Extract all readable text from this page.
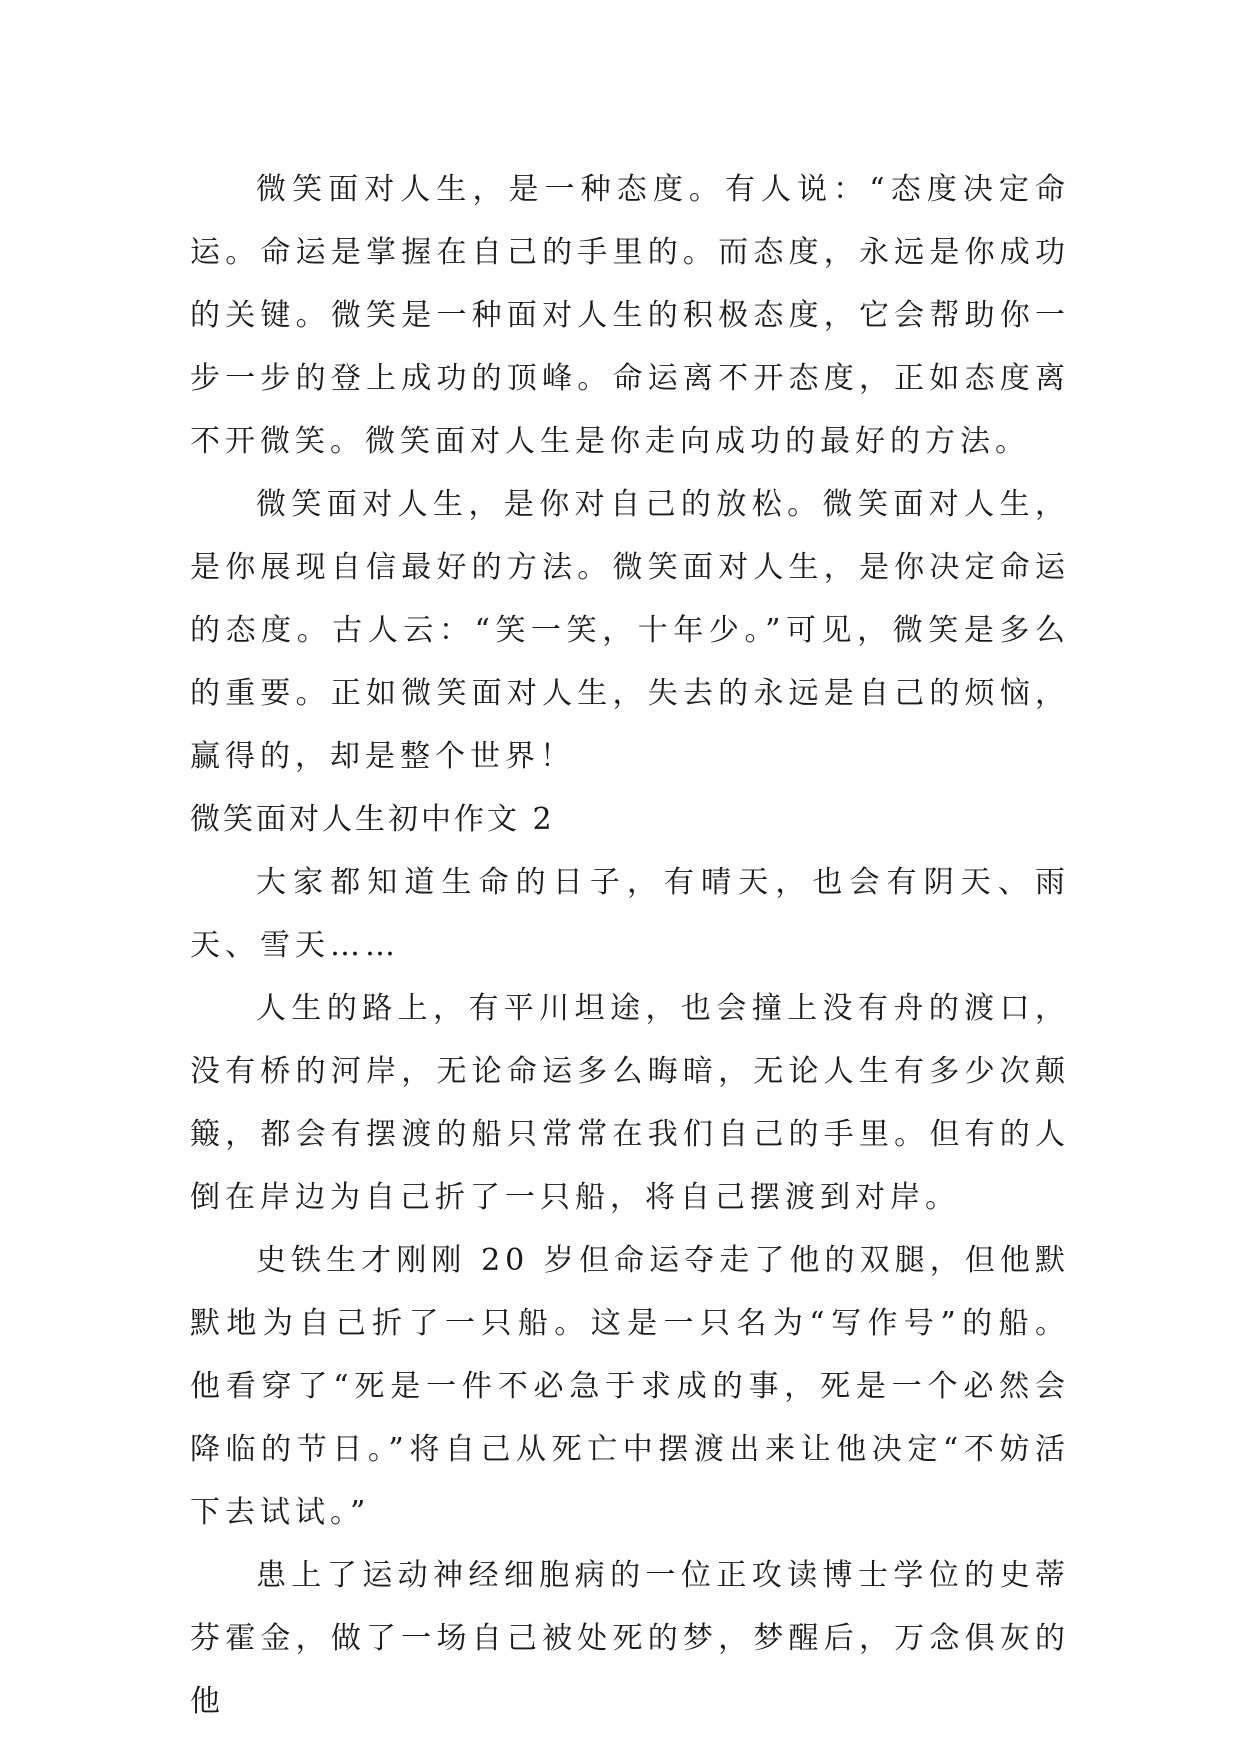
微笑面对人生，是一种态度。有人说：“态度决定命运。命运是掌握在自己的手里的。而态度，永远是你成功的关键。微笑是一种面对人生的积极态度，它会帮助你一步一步的登上成功的顶峰。命运离不开态度，正如态度离不开微笑。微笑面对人生是你走向成功的最好的方法。

微笑面对人生，是你对自己的放松。微笑面对人生，是你展现自信最好的方法。微笑面对人生，是你决定命运的态度。古人云：“笑一笑，十年少。”可见，微笑是多么的重要。正如微笑面对人生，失去的永远是自己的烦恼，赢得的，却是整个世界！

微笑面对人生初中作文 2

大家都知道生命的日子，有晴天，也会有阴天、雨天、雪天……

人生的路上，有平川坦途，也会撞上没有舟的渡口，没有桥的河岸，无论命运多么晦暗，无论人生有多少次颠簸，都会有摆渡的船只常常在我们自己的手里。但有的人倒在岸边为自己折了一只船，将自己摆渡到对岸。

史铁生才刚刚 20 岁但命运夺走了他的双腿，但他默默地为自己折了一只船。这是一只名为“写作号”的船。他看穿了“死是一件不必急于求成的事，死是一个必然会降临的节日。”将自己从死亡中摆渡出来让他决定“不妨活下去试试。”

患上了运动神经细胞病的一位正攻读博士学位的史蒂芬霍金，做了一场自己被处死的梦，梦醒后，万念俱灰的他
